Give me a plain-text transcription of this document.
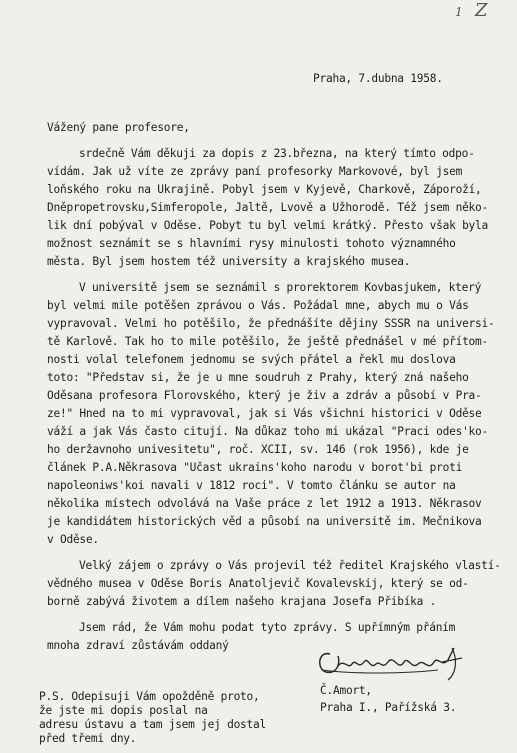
1 Z
Praha, 7.dubna 1958.
Vážený pane profesore,
srdečně Vám děkuji za dopis z 23.března, na který tímto odpo-
vídám. Jak už víte ze zprávy paní profesorky Markovové, byl jsem
loňského roku na Ukrajině. Pobyl jsem v Kyjevě, Charkově, Záporoží,
Dněpropetrovsku,Simferopole, Jaltě, Lvově a Užhorodě. Též jsem něko-
lik dní pobýval v Oděse. Pobyt tu byl velmi krátký. Přesto však byla
možnost seznámit se s hlavními rysy minulosti tohoto významného
města. Byl jsem hostem též university a krajského musea.
V universitě jsem se seznámil s prorektorem Kovbasjukem, který
byl velmi mile potěšen zprávou o Vás. Požádal mne, abych mu o Vás
vypravoval. Velmi ho potěšilo, že přednášíte dějiny SSSR na universi-
tě Karlově. Tak ho to mile potěšilo, že ještě přednášel v mé přítom-
nosti volal telefonem jednomu se svých přátel a řekl mu doslova
toto: "Představ si, že je u mne soudruh z Prahy, který zná našeho
Oděsana profesora Florovského, který je živ a zdráv a působí v Pra-
ze!" Hned na to mi vypravoval, jak si Vás všichni historici v Oděse
váží a jak Vás často citují. Na důkaz toho mi ukázal "Praci odes'ko-
ho deržavnoho univesitetu", roč. XCII, sv. 146 (rok 1956), kde je
článek P.A.Někrasova "Učast ukrains'koho narodu v borot'bi proti
napoleoniws'koi navali v 1812 roci". V tomto článku se autor na
několika místech odvolává na Vaše práce z let 1912 a 1913. Někrasov
je kandidátem historických věd a působí na universitě im. Mečnikova
v Oděse.
Velký zájem o zprávy o Vás projevil též ředitel Krajského vlastí-
vědného musea v Oděse Boris Anatoljevič Kovalevskij, který se od-
borně zabývá životem a dílem našeho krajana Josefa Přibíka .
Jsem rád, že Vám mohu podat tyto zprávy. S upřímným přáním
mnoha zdraví zůstávám oddaný
Č.Amort,
Praha I., Pařížská 3.
P.S. Odepisuji Vám opožděně proto,
že jste mi dopis poslal na
adresu ústavu a tam jsem jej dostal
před třemi dny.
